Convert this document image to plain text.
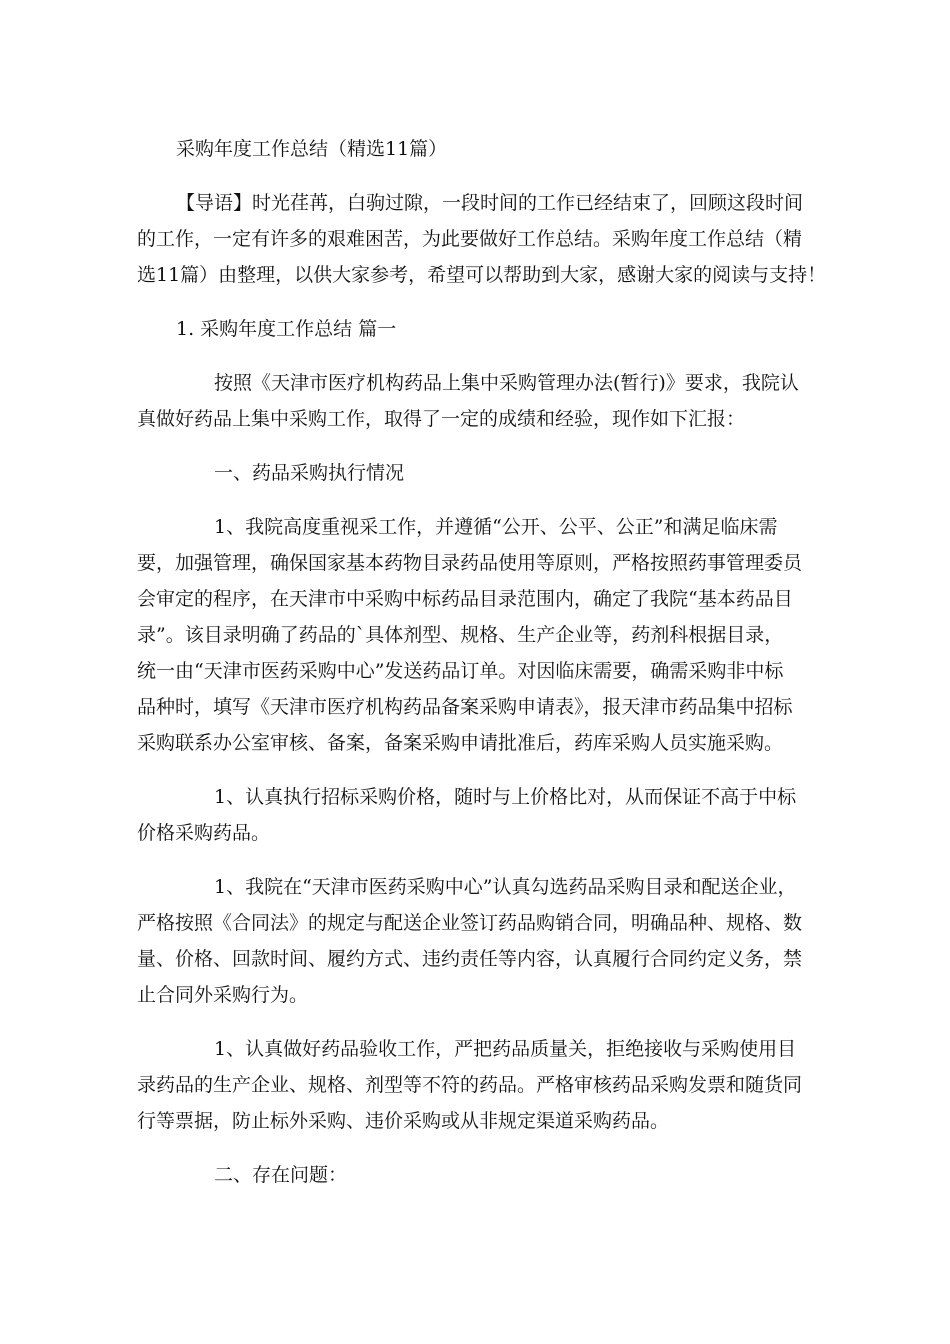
采购年度工作总结（精选11篇）

【导语】时光荏苒，白驹过隙，一段时间的工作已经结束了，回顾这段时间

的工作，一定有许多的艰难困苦，为此要做好工作总结。采购年度工作总结（精

选11篇）由整理，以供大家参考，希望可以帮助到大家，感谢大家的阅读与支持！

1. 采购年度工作总结 篇一

按照《天津市医疗机构药品上集中采购管理办法(暂行)》要求，我院认

真做好药品上集中采购工作，取得了一定的成绩和经验，现作如下汇报：

一、药品采购执行情况

1、我院高度重视采工作，并遵循“公开、公平、公正”和满足临床需

要，加强管理，确保国家基本药物目录药品使用等原则，严格按照药事管理委员

会审定的程序，在天津市中采购中标药品目录范围内，确定了我院“基本药品目

录”。该目录明确了药品的`具体剂型、规格、生产企业等，药剂科根据目录，

统一由“天津市医药采购中心”发送药品订单。对因临床需要，确需采购非中标

品种时，填写《天津市医疗机构药品备案采购申请表》，报天津市药品集中招标

采购联系办公室审核、备案，备案采购申请批准后，药库采购人员实施采购。

1、认真执行招标采购价格，随时与上价格比对，从而保证不高于中标

价格采购药品。

1、我院在“天津市医药采购中心”认真勾选药品采购目录和配送企业，

严格按照《合同法》的规定与配送企业签订药品购销合同，明确品种、规格、数

量、价格、回款时间、履约方式、违约责任等内容，认真履行合同约定义务，禁

止合同外采购行为。

1、认真做好药品验收工作，严把药品质量关，拒绝接收与采购使用目

录药品的生产企业、规格、剂型等不符的药品。严格审核药品采购发票和随货同

行等票据，防止标外采购、违价采购或从非规定渠道采购药品。

二、存在问题：
